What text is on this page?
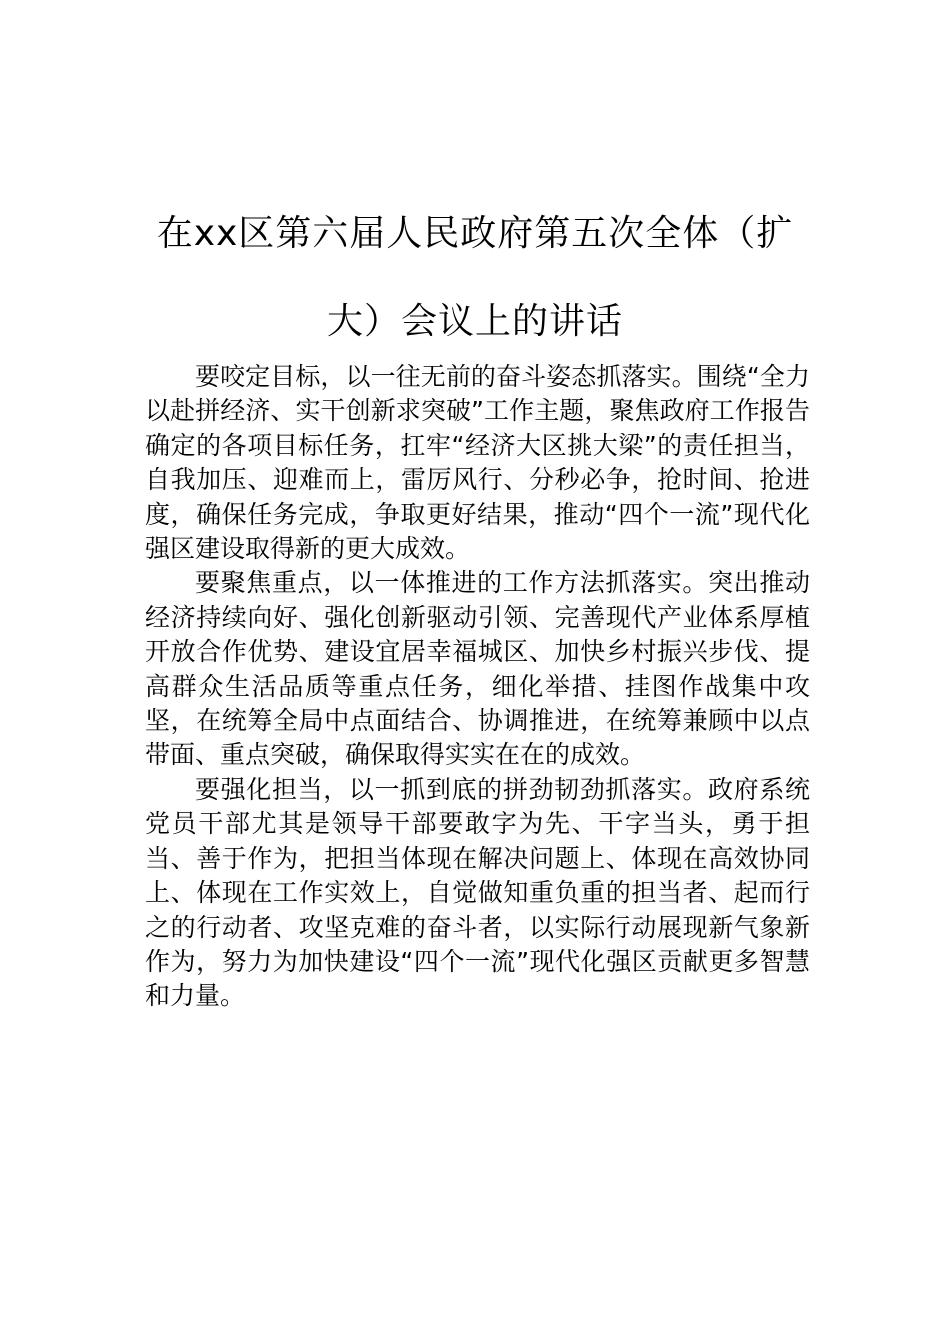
在xx区第六届人民政府第五次全体（扩
大）会议上的讲话

要咬定目标，以一往无前的奋斗姿态抓落实。围绕“全力以赴拼经济、实干创新求突破”工作主题，聚焦政府工作报告确定的各项目标任务，扛牢“经济大区挑大梁”的责任担当，自我加压、迎难而上，雷厉风行、分秒必争，抢时间、抢进度，确保任务完成，争取更好结果，推动“四个一流”现代化强区建设取得新的更大成效。

要聚焦重点，以一体推进的工作方法抓落实。突出推动经济持续向好、强化创新驱动引领、完善现代产业体系厚植开放合作优势、建设宜居幸福城区、加快乡村振兴步伐、提高群众生活品质等重点任务，细化举措、挂图作战集中攻坚，在统筹全局中点面结合、协调推进，在统筹兼顾中以点带面、重点突破，确保取得实实在在的成效。

要强化担当，以一抓到底的拼劲韧劲抓落实。政府系统党员干部尤其是领导干部要敢字为先、干字当头，勇于担当、善于作为，把担当体现在解决问题上、体现在高效协同上、体现在工作实效上，自觉做知重负重的担当者、起而行之的行动者、攻坚克难的奋斗者，以实际行动展现新气象新作为，努力为加快建设“四个一流”现代化强区贡献更多智慧和力量。
